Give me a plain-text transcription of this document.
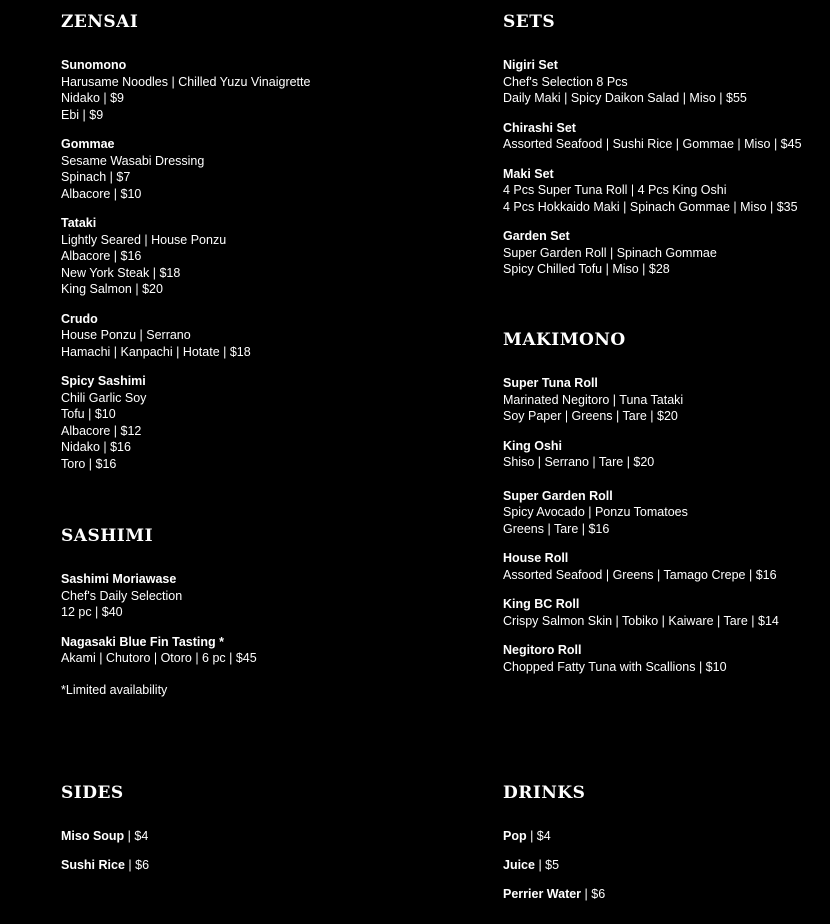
ZENSAI
Sunomono
Harusame Noodles | Chilled Yuzu Vinaigrette
Nidako | $9
Ebi | $9
Gommae
Sesame Wasabi Dressing
Spinach | $7
Albacore | $10
Tataki
Lightly Seared | House Ponzu
Albacore | $16
New York Steak | $18
King Salmon | $20
Crudo
House Ponzu | Serrano
Hamachi | Kanpachi | Hotate | $18
Spicy Sashimi
Chili Garlic Soy
Tofu | $10
Albacore | $12
Nidako | $16
Toro | $16
SETS
Nigiri Set
Chef's Selection 8 Pcs
Daily Maki | Spicy Daikon Salad | Miso | $55
Chirashi Set
Assorted Seafood | Sushi Rice | Gommae | Miso | $45
Maki Set
4 Pcs Super Tuna Roll | 4 Pcs King Oshi
4 Pcs Hokkaido Maki | Spinach Gommae | Miso | $35
Garden Set
Super Garden Roll | Spinach Gommae
Spicy Chilled Tofu | Miso | $28
MAKIMONO
Super Tuna Roll
Marinated Negitoro | Tuna Tataki
Soy Paper | Greens | Tare | $20
King Oshi
Shiso | Serrano | Tare | $20
Super Garden Roll
Spicy Avocado | Ponzu Tomatoes
Greens | Tare | $16
House Roll
Assorted Seafood | Greens | Tamago Crepe | $16
King BC Roll
Crispy Salmon Skin | Tobiko | Kaiware | Tare | $14
Negitoro Roll
Chopped Fatty Tuna with Scallions | $10
SASHIMI
Sashimi Moriawase
Chef's Daily Selection
12 pc | $40
Nagasaki Blue Fin Tasting *
Akami | Chutoro | Otoro | 6 pc | $45
*Limited availability
SIDES
Miso Soup | $4
Sushi Rice | $6
DRINKS
Pop | $4
Juice | $5
Perrier Water | $6
